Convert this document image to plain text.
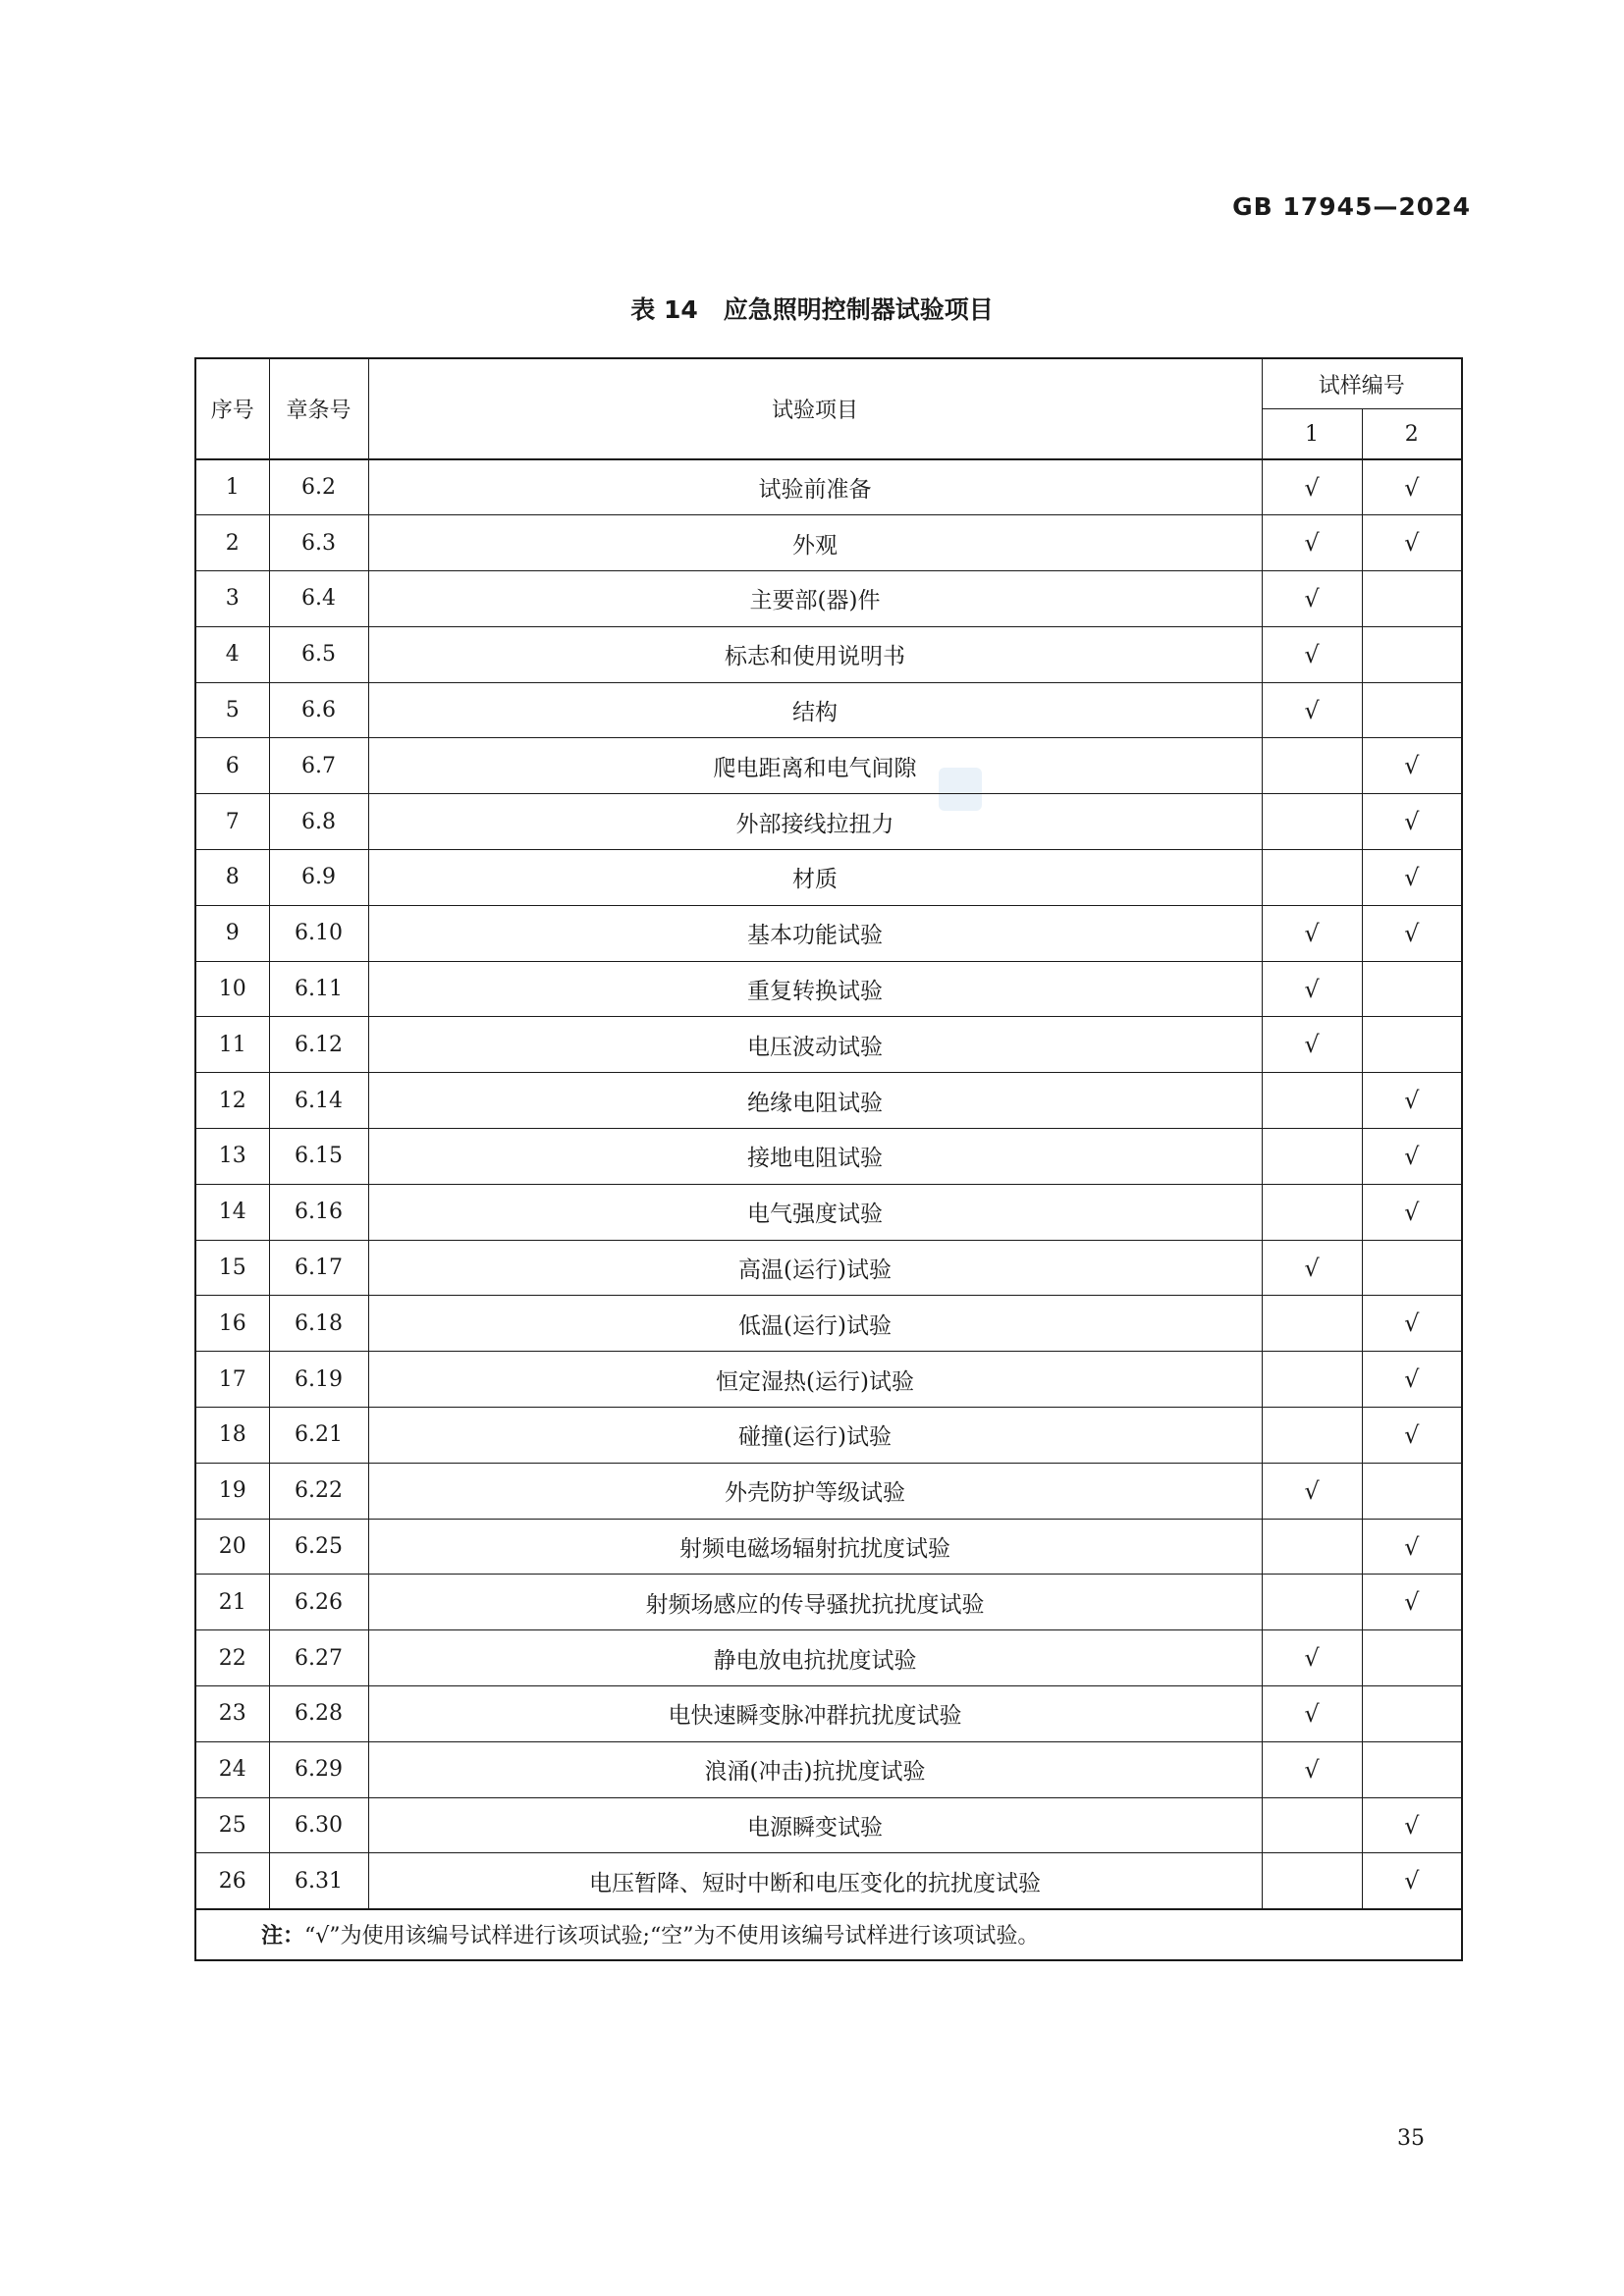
GB 17945—2024
表 14 应急照明控制器试验项目
序号	章条号	试验项目	试样编号	
			1	2
1	6.2	试验前准备	√	√
2	6.3	外观	√	√
3	6.4	主要部(器)件	√	
4	6.5	标志和使用说明书	√	
5	6.6	结构	√	
6	6.7	爬电距离和电气间隙		√
7	6.8	外部接线拉扭力		√
8	6.9	材质		√
9	6.10	基本功能试验	√	√
10	6.11	重复转换试验	√	
11	6.12	电压波动试验	√	
12	6.14	绝缘电阻试验		√
13	6.15	接地电阻试验		√
14	6.16	电气强度试验		√
15	6.17	高温(运行)试验	√	
16	6.18	低温(运行)试验		√
17	6.19	恒定湿热(运行)试验		√
18	6.21	碰撞(运行)试验		√
19	6.22	外壳防护等级试验	√	
20	6.25	射频电磁场辐射抗扰度试验		√
21	6.26	射频场感应的传导骚扰抗扰度试验		√
22	6.27	静电放电抗扰度试验	√	
23	6.28	电快速瞬变脉冲群抗扰度试验	√	
24	6.29	浪涌(冲击)抗扰度试验	√	
25	6.30	电源瞬变试验		√
26	6.31	电压暂降、短时中断和电压变化的抗扰度试验		√
注：“√”为使用该编号试样进行该项试验;“空”为不使用该编号试样进行该项试验。				
35
